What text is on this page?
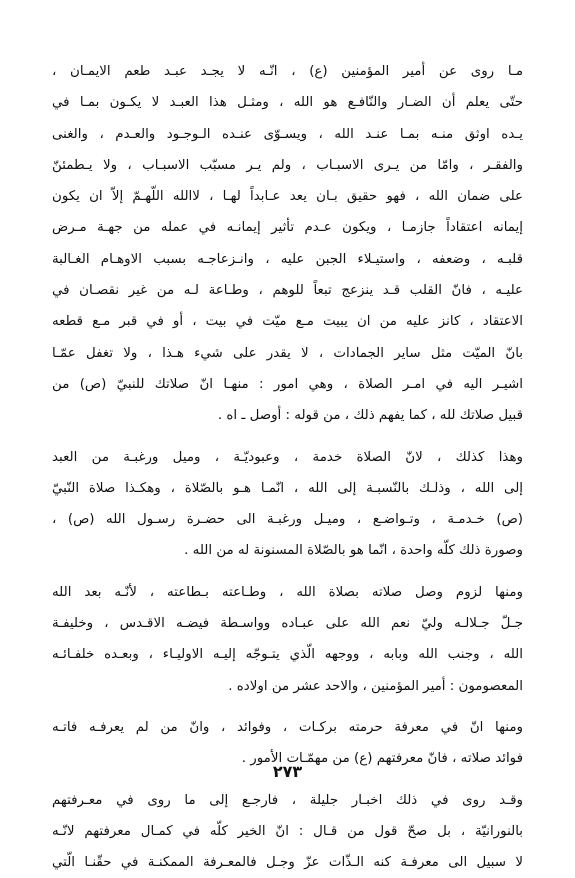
مـا روى عن أمير المؤمنين (ع) ، انّـه لا يجـد عبـد طعم الايمـان ،
حتّى يعلم أن الضـار والنّافـع هو الله ، ومثـل هذا العبـد لا يكـون بمـا في
يـده اوثق منـه بمـا عنـد الله ، ويسـوّى عنـده الـوجـود والعـدم ، والغنى
والفقـر ، وامّا من يـرى الاسبـاب ، ولم يـر مسبّب الاسبـاب ، ولا يـطمئنّ
على ضمان الله ، فهو حقيق بـان يعد عـابداً لهـا ، لاالله اللّهـمّ إلاّ ان يكون
إيمانه اعتقاداً جازمـا ، ويكون عـدم تأثير إيمانـه في عمله من جهـة مـرض
قلبـه ، وضعفه ، واستيـلاء الجبن عليه ، وانـزعاجـه بسبب الاوهـام الغـالبة
عليـه ، فانّ القلب قـد ينزعج تبعاً للوهم ، وطـاعة لـه من غير نقصـان في
الاعتقاد ، كانز عليه من ان يبيت مـع ميّت في بيت ، أو في قبر مـع قطعه
بانّ الميّت مثل ساير الجمادات ، لا يقدر على شيء هـذا ، ولا تغفل عمّـا
اشيـر اليه في امـر الصلاة ، وهي امور : منهـا انّ صلاتك للنبيّ (ص) من
قبيل صلاتك لله ، كما يفهم ذلك ، من قوله : أوصل ـ اه .
وهذا كذلك ، لانّ الصلاة خدمة ، وعبوديّـة ، وميل ورغبـة من العبد
إلى الله ، وذلـك بالنّسبـة إلى الله ، انّمـا هـو بالصّلاة ، وهكـذا صلاة النّبيّ
(ص) خـدمـة ، وتـواضـع ، وميـل ورغبـة الى حضـرة رسـول الله (ص) ،
وصورة ذلك كلّه واحدة ، انّما هو بالصّلاة المسنونة له من الله .
ومنها لزوم وصل صلاته بصلاة الله ، وطـاعته بـطاعته ، لأنّـه بعد الله
جـلّ جـلالـه وليّ نعم الله على عبـاده وواسـطة فيضـه الاقـدس ، وخليفـة
الله ، وجنب الله وبابه ، ووجهه الّذي يتـوجّه إليـه الاوليـاء ، وبعـده خلفـائـه
المعصومون : أمير المؤمنين ، والاحد عشر من اولاده .
ومنها انّ في معرفة حرمته بركـات ، وفوائد ، وانّ من لم يعرفـه فاتـه
فوائد صلاته ، فانّ معرفتهم (ع) من مهمّـات الأمور .
وقـد روى في ذلك اخبـار جليلة ، فارجـع إلى ما روى في معـرفتهم
بالنورانيّة ، بل صحّ قول من قـال : انّ الخير كلّه في كمـال معرفتهم لانّـه
لا سبيل الى معرفـة كنه الـذّات عزّ وجـل فالمعـرفة الممكنـة في حقّنـا الّتي
٢٧٣
